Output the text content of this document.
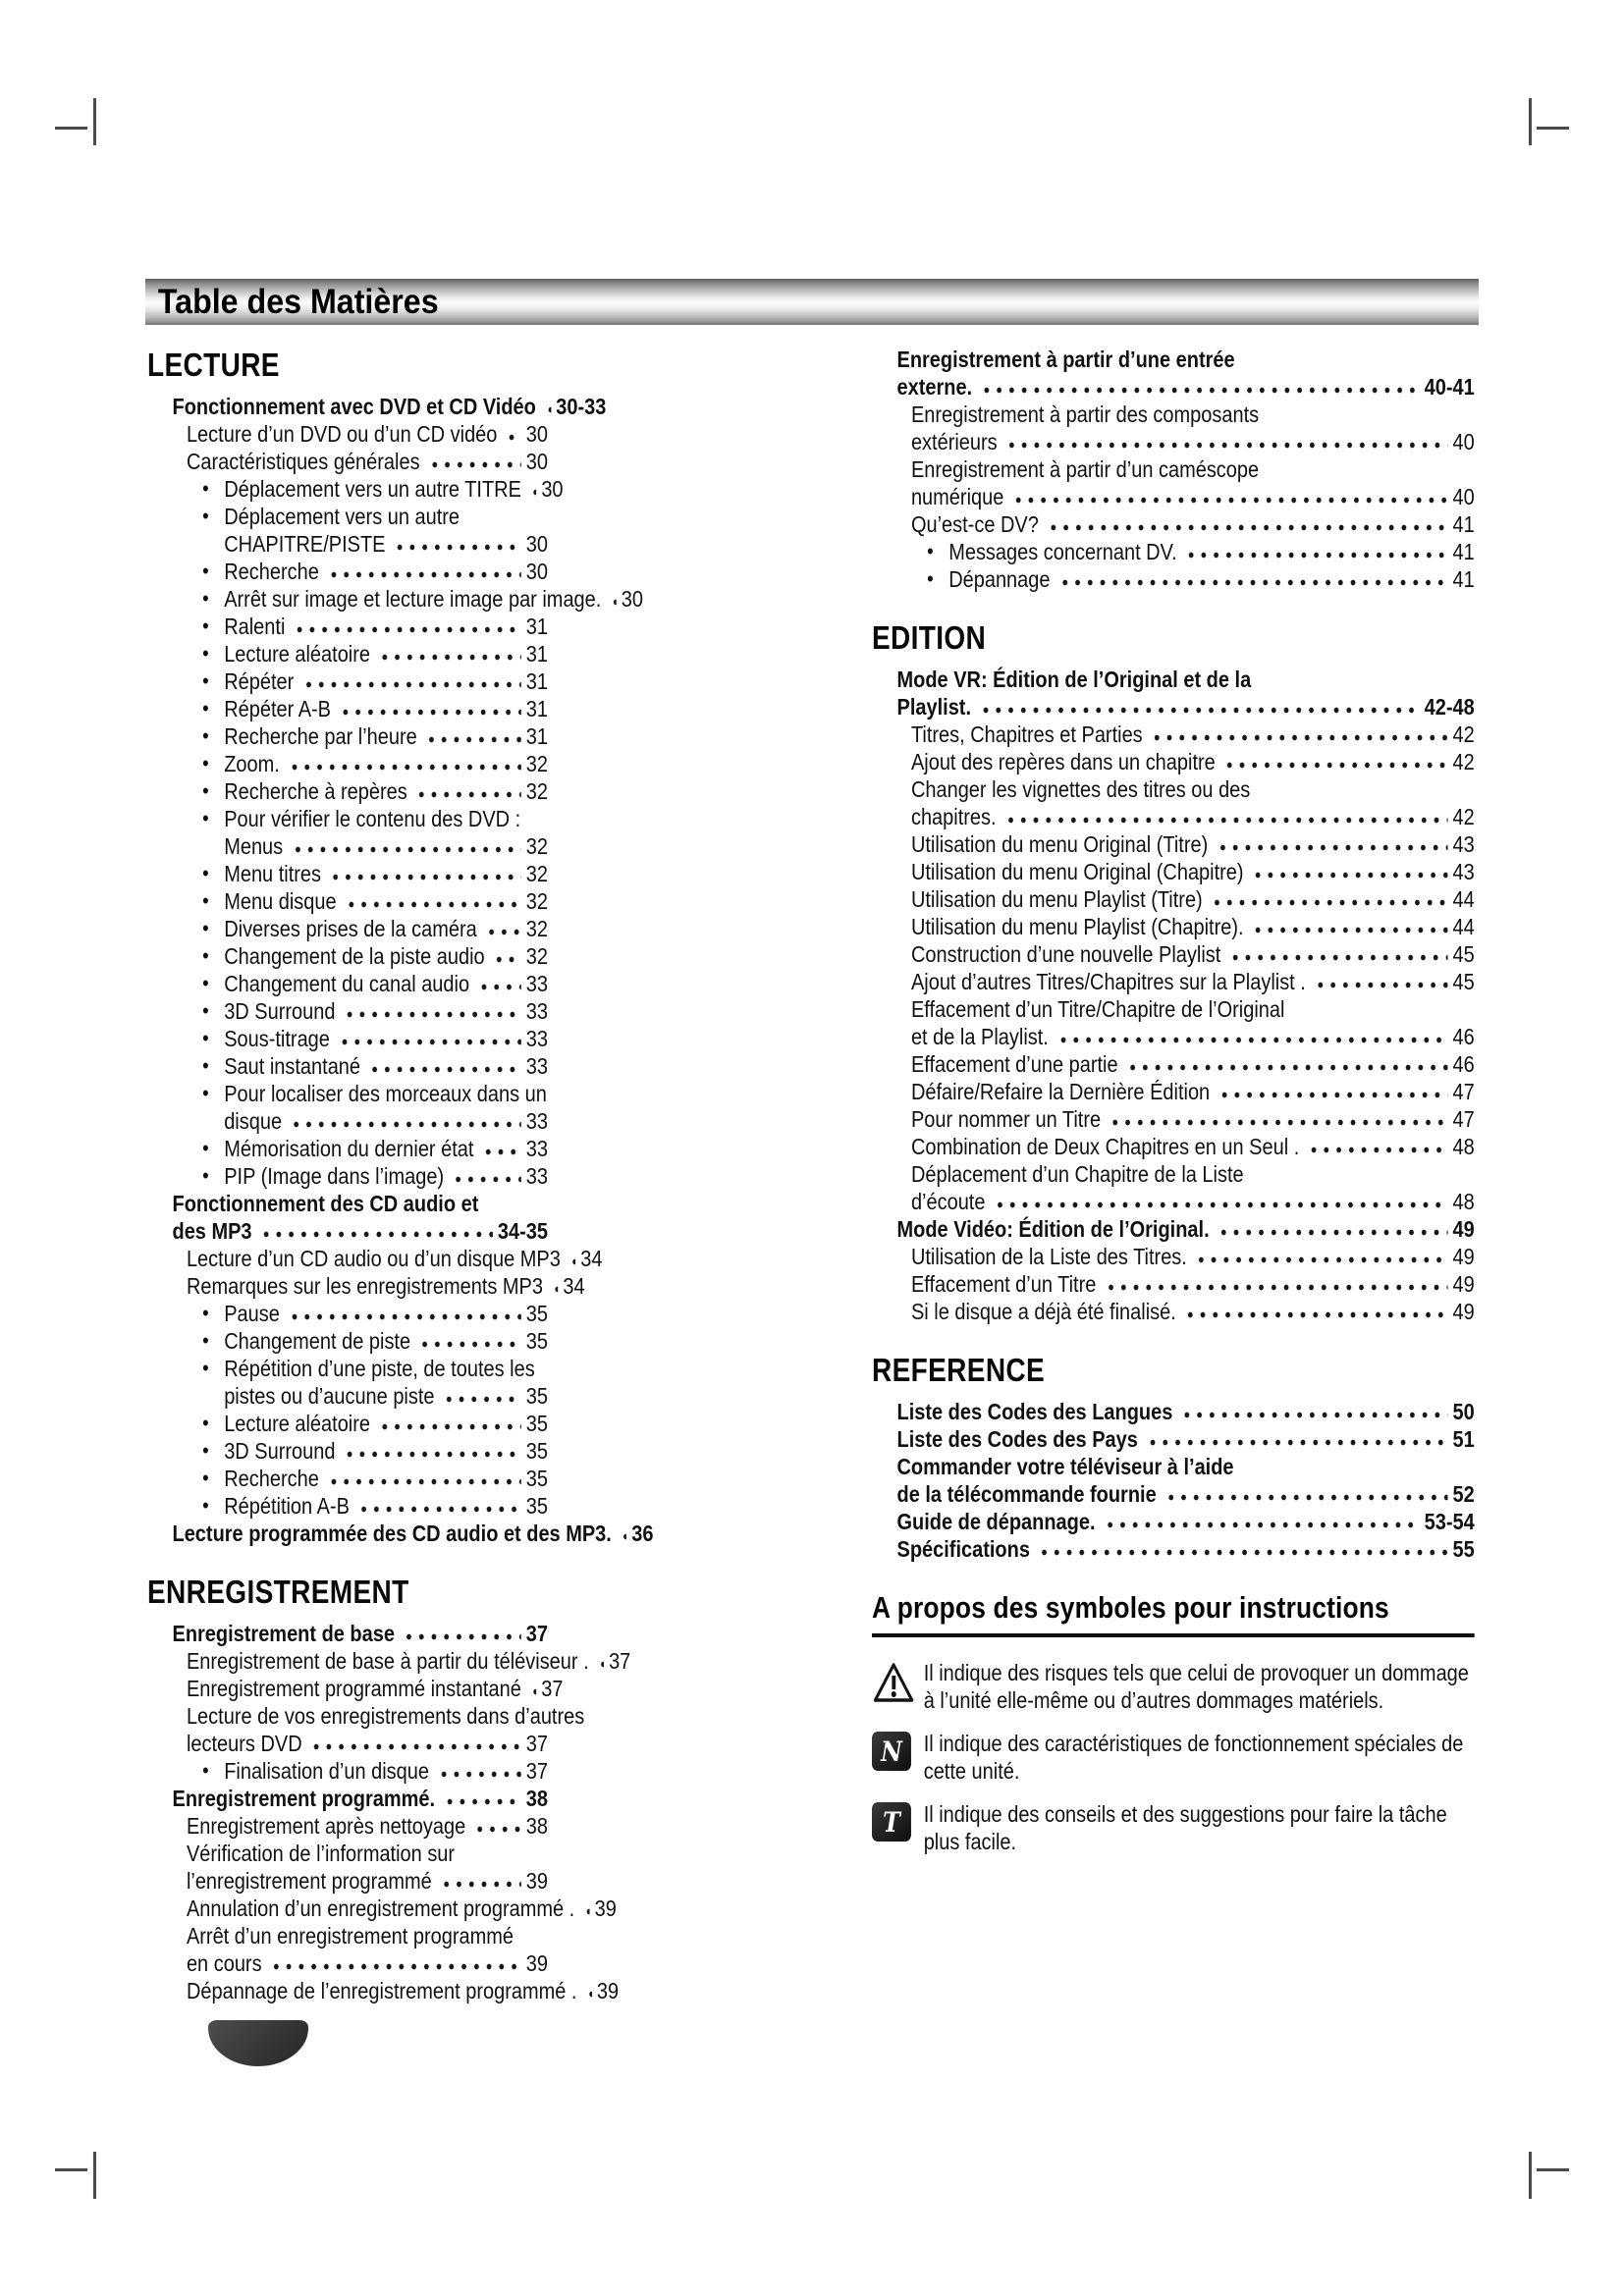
Table des Matières
LECTURE
Fonctionnement avec DVD et CD Vidéo 30-33
Lecture d’un DVD ou d’un CD vidéo 30
Caractéristiques générales	30
• Déplacement vers un autre TITRE 30
• Déplacement vers un autre
CHAPITRE/PISTE	30
• Recherche	30
• Arrêt sur image et lecture image par image. 30
• Ralenti	31
• Lecture aléatoire	31
• Répéter	31
• Répéter A-B	31
• Recherche par l’heure	31
• Zoom.	32
• Recherche à repères	32
• Pour vérifier le contenu des DVD :
Menus	32
• Menu titres	32
• Menu disque	32
• Diverses prises de la caméra 32
• Changement de la piste audio 32
• Changement du canal audio 33
• 3D Surround	33
• Sous-titrage	33
• Saut instantané	33
• Pour localiser des morceaux dans un
disque	33
• Mémorisation du dernier état 33
• PIP (Image dans l’image)	33
Fonctionnement des CD audio et
des MP3	34-35
Lecture d’un CD audio ou d’un disque MP3 34
Remarques sur les enregistrements MP3 34
• Pause	35
• Changement de piste	35
• Répétition d’une piste, de toutes les
pistes ou d’aucune piste	35
• Lecture aléatoire	35
• 3D Surround	35
• Recherche	35
• Répétition A-B	35
Lecture programmée des CD audio et des MP3. 36
ENREGISTREMENT
Enregistrement de base	37
Enregistrement de base à partir du téléviseur . 37
Enregistrement programmé instantané 37
Lecture de vos enregistrements dans d’autres
lecteurs DVD	37
• Finalisation d’un disque	37
Enregistrement programmé.	38
Enregistrement après nettoyage	38
Vérification de l’information sur
l’enregistrement programmé	39
Annulation d’un enregistrement programmé . 39
Arrêt d’un enregistrement programmé
en cours	39
Dépannage de l’enregistrement programmé . 39
Enregistrement à partir d’une entrée
externe.	40-41
Enregistrement à partir des composants
extérieurs	40
Enregistrement à partir d’un caméscope
numérique	40
Qu’est-ce DV?	41
• Messages concernant DV.	41
• Dépannage	41
EDITION
Mode VR: Édition de l’Original et de la
Playlist.	42-48
Titres, Chapitres et Parties	42
Ajout des repères dans un chapitre	42
Changer les vignettes des titres ou des
chapitres.	42
Utilisation du menu Original (Titre)	43
Utilisation du menu Original (Chapitre)	43
Utilisation du menu Playlist (Titre)	44
Utilisation du menu Playlist (Chapitre).	44
Construction d’une nouvelle Playlist	45
Ajout d’autres Titres/Chapitres sur la Playlist .	45
Effacement d’un Titre/Chapitre de l’Original
et de la Playlist.	46
Effacement d’une partie	46
Défaire/Refaire la Dernière Édition	47
Pour nommer un Titre	47
Combination de Deux Chapitres en un Seul .	48
Déplacement d’un Chapitre de la Liste
d’écoute	48
Mode Vidéo: Édition de l’Original.	49
Utilisation de la Liste des Titres.	49
Effacement d’un Titre	49
Si le disque a déjà été finalisé.	49
REFERENCE
Liste des Codes des Langues	50
Liste des Codes des Pays	51
Commander votre téléviseur à l’aide
de la télécommande fournie	52
Guide de dépannage.	53-54
Spécifications	55
A propos des symboles pour instructions
Il indique des risques tels que celui de provoquer un dommage à l’unité elle-même ou d’autres dommages matériels.
N Il indique des caractéristiques de fonctionnement spéciales de cette unité.
T	Il indique des conseils et des suggestions pour faire la tâche plus facile.
